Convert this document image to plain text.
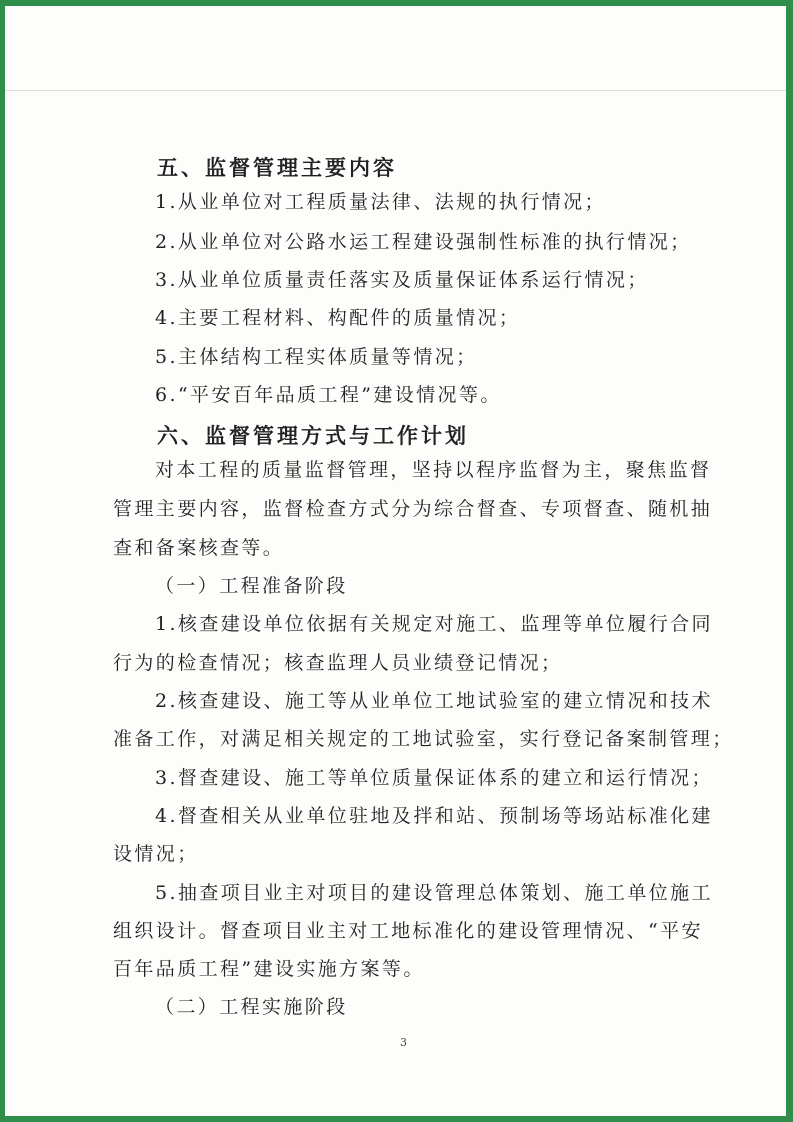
五、监督管理主要内容
1.从业单位对工程质量法律、法规的执行情况；
2.从业单位对公路水运工程建设强制性标准的执行情况；
3.从业单位质量责任落实及质量保证体系运行情况；
4.主要工程材料、构配件的质量情况；
5.主体结构工程实体质量等情况；
6.“平安百年品质工程”建设情况等。
六、监督管理方式与工作计划
对本工程的质量监督管理，坚持以程序监督为主，聚焦监督
管理主要内容，监督检查方式分为综合督查、专项督查、随机抽
查和备案核查等。
（一）工程准备阶段
1.核查建设单位依据有关规定对施工、监理等单位履行合同
行为的检查情况；核查监理人员业绩登记情况；
2.核查建设、施工等从业单位工地试验室的建立情况和技术
准备工作，对满足相关规定的工地试验室，实行登记备案制管理；
3.督查建设、施工等单位质量保证体系的建立和运行情况；
4.督查相关从业单位驻地及拌和站、预制场等场站标准化建
设情况；
5.抽查项目业主对项目的建设管理总体策划、施工单位施工
组织设计。督查项目业主对工地标准化的建设管理情况、“平安
百年品质工程”建设实施方案等。
（二）工程实施阶段
3
